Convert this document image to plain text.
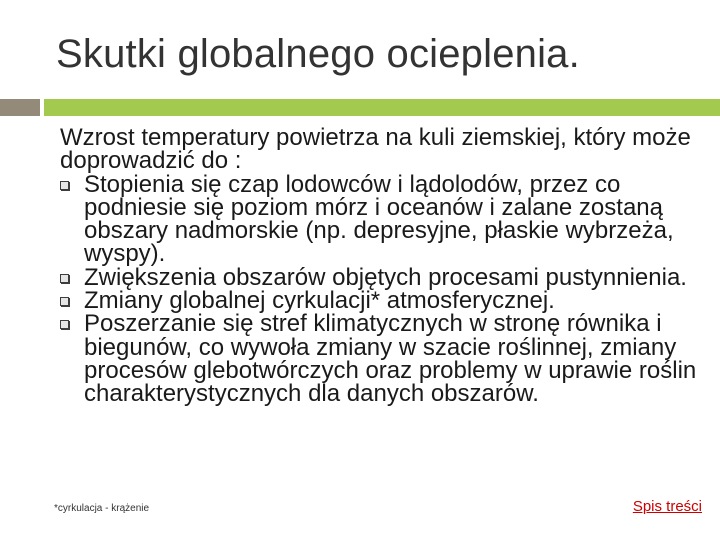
Skutki globalnego ocieplenia.

Wzrost temperatury powietrza na kuli ziemskiej, który może doprowadzić do :

Stopienia się czap lodowców i lądolodów, przez co podniesie się poziom mórz i oceanów i zalane zostaną obszary nadmorskie (np. depresyjne, płaskie wybrzeża, wyspy).
Zwiększenia obszarów objętych procesami pustynnienia.
Zmiany globalnej cyrkulacji* atmosferycznej.
Poszerzanie się stref klimatycznych w stronę równika i biegunów, co wywoła zmiany w szacie roślinnej, zmiany procesów glebotwórczych oraz problemy w uprawie roślin charakterystycznych dla danych obszarów.
*cyrkulacja - krążenie	Spis treści
